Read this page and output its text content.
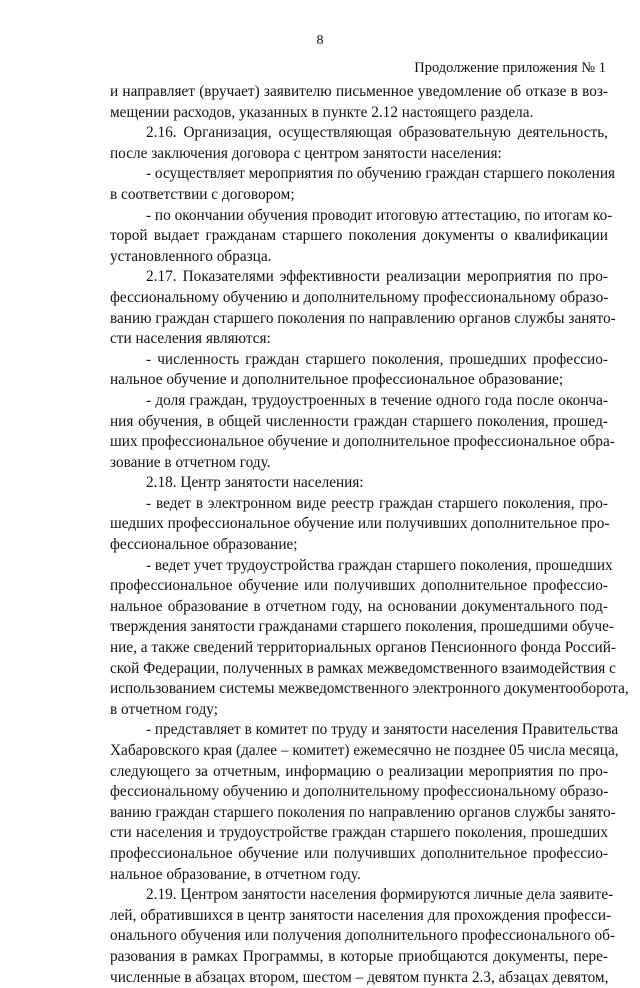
8
Продолжение приложения № 1
и направляет (вручает) заявителю письменное уведомление об отказе в воз-
мещении расходов, указанных в пункте 2.12 настоящего раздела.
2.16. Организация, осуществляющая образовательную деятельность,
после заключения договора с центром занятости населения:
- осуществляет мероприятия по обучению граждан старшего поколения
в соответствии с договором;
- по окончании обучения проводит итоговую аттестацию, по итогам ко-
торой выдает гражданам старшего поколения документы о квалификации
установленного образца.
2.17. Показателями эффективности реализации мероприятия по про-
фессиональному обучению и дополнительному профессиональному образо-
ванию граждан старшего поколения по направлению органов службы занято-
сти населения являются:
- численность граждан старшего поколения, прошедших профессио-
нальное обучение и дополнительное профессиональное образование;
- доля граждан, трудоустроенных в течение одного года после оконча-
ния обучения, в общей численности граждан старшего поколения, прошед-
ших профессиональное обучение и дополнительное профессиональное обра-
зование в отчетном году.
2.18. Центр занятости населения:
- ведет в электронном виде реестр граждан старшего поколения, про-
шедших профессиональное обучение или получивших дополнительное про-
фессиональное образование;
- ведет учет трудоустройства граждан старшего поколения, прошедших
профессиональное обучение или получивших дополнительное профессио-
нальное образование в отчетном году, на основании документального под-
тверждения занятости гражданами старшего поколения, прошедшими обуче-
ние, а также сведений территориальных органов Пенсионного фонда Россий-
ской Федерации, полученных в рамках межведомственного взаимодействия с
использованием системы межведомственного электронного документооборота,
в отчетном году;
- представляет в комитет по труду и занятости населения Правительства
Хабаровского края (далее – комитет) ежемесячно не позднее 05 числа месяца,
следующего за отчетным, информацию о реализации мероприятия по про-
фессиональному обучению и дополнительному профессиональному образо-
ванию граждан старшего поколения по направлению органов службы занято-
сти населения и трудоустройстве граждан старшего поколения, прошедших
профессиональное обучение или получивших дополнительное профессио-
нальное образование, в отчетном году.
2.19. Центром занятости населения формируются личные дела заявите-
лей, обратившихся в центр занятости населения для прохождения професси-
онального обучения или получения дополнительного профессионального об-
разования в рамках Программы, в которые приобщаются документы, пере-
численные в абзацах втором, шестом – девятом пункта 2.3, абзацах девятом,
